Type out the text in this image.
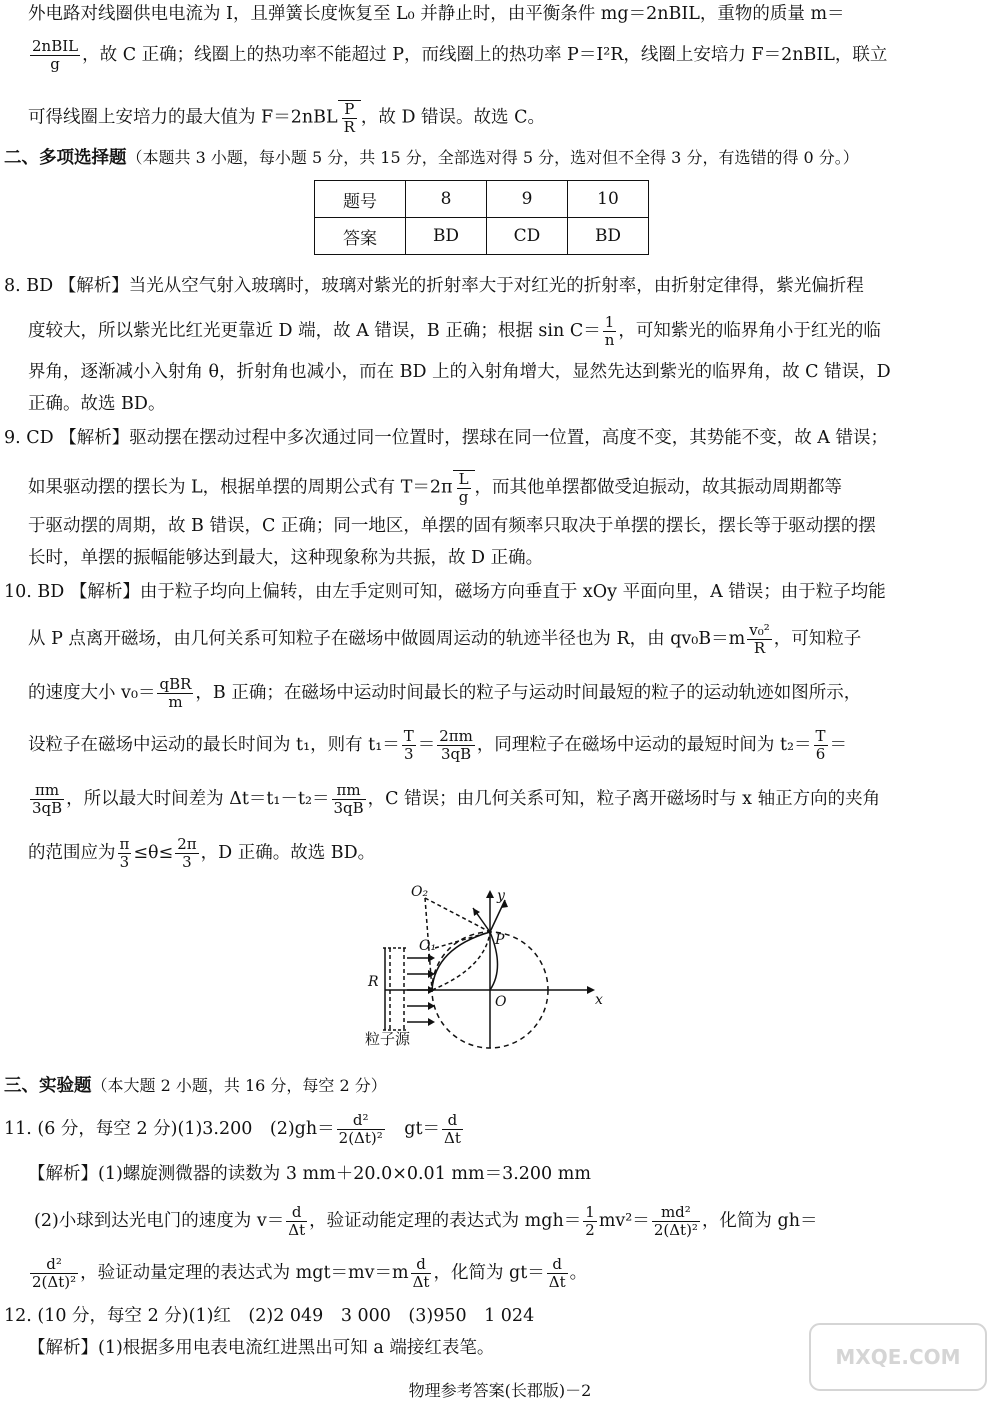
外电路对线圈供电电流为 I，且弹簧长度恢复至 L₀ 并静止时，由平衡条件 mg＝2nBIL，重物的质量 m＝
$\frac{\text{2nBIL}}{g}$ ，故 C 正确；线圈上的热功率不能超过 P，而线圈上的热功率 P＝I²R，线圈上安培力 F＝2nBIL，联立
可得线圈上安培力的最大值为 $F=2nBL \frac{P}{R}$ ，故 D 错误。故选 C。
二、多项选择题（本题共 3 小题，每小题 5 分，共 15 分，全部选对得 5 分，选对但不全得 3 分，有选错的得 0 分。）
题号	8	9	10
答案	BD	CD	BD
8. BD 【解析】当光从空气射入玻璃时，玻璃对紫光的折射率大于对红光的折射率，由折射定律得，紫光偏折程
度较大，所以紫光比红光更靠近 D 端，故 A 错误，B 正确；根据 $\sin C= \frac{1}{n}$ ，可知紫光的临界角小于红光的临
界角，逐渐减小入射角 θ，折射角也减小，而在 BD 上的入射角增大，显然先达到紫光的临界角，故 C 错误，D
正确。故选 BD。
9. CD 【解析】驱动摆在摆动过程中多次通过同一位置时，摆球在同一位置，高度不变，其势能不变，故 A 错误；
如果驱动摆的摆长为 L，根据单摆的周期公式有 $T=2\pi \frac{L}{g}$ ，而其他单摆都做受迫振动，故其振动周期都等
于驱动摆的周期，故 B 错误，C 正确；同一地区，单摆的固有频率只取决于单摆的摆长，摆长等于驱动摆的摆
长时，单摆的振幅能够达到最大，这种现象称为共振，故 D 正确。
10. BD 【解析】由于粒子均向上偏转，由左手定则可知，磁场方向垂直于 xOy 平面向里，A 错误；由于粒子均能
从 P 点离开磁场，由几何关系可知粒子在磁场中做圆周运动的轨迹半径也为 R，由 $qv_0B=m \frac{\text{v₀²}}{R}$ ，可知粒子
的速度大小 $v_0= \frac{\text{qBR}}{m}$ ，B 正确；在磁场中运动时间最长的粒子与运动时间最短的粒子的运动轨迹如图所示，
设粒子在磁场中运动的最长时间为 t₁，则有 $t_1= \frac{T}{3} = \frac{2\pi m}{3qB}$ ，同理粒子在磁场中运动的最短时间为 $t_2= \frac{T}{6}$ ＝
$\frac{\pi m}{3qB}$ ，所以最大时间差为 $\Delta t=t_1-t_2= \frac{\pi m}{3qB}$ ，C 错误；由几何关系可知，粒子离开磁场时与 x 轴正方向的夹角
的范围应为 $\frac{\pi}{3} \le\theta\le \frac{2\pi}{3}$ ，D 正确。故选 BD。
O₂
O₁	P
y
x
O
R
粒子源
三、实验题（本大题 2 小题，共 16 分，每空 2 分）
11. (6 分，每空 2 分)(1)3.200　$(2)gh= \frac{\text{d²}}{\text{2(Δt)²}}$ 　$gt= \frac{d}{\Delta t}$
【解析】(1)螺旋测微器的读数为 3 mm＋20.0×0.01 mm＝3.200 mm
(2)小球到达光电门的速度为 $v= \frac{d}{\Delta t}$ ，验证动能定理的表达式为 $mgh= \frac{1}{2} mv^2= \frac{\text{md²}}{\text{2(Δt)²}}$ ，化简为 gh＝
$\frac{\text{d²}}{\text{2(Δt)²}}$ ，验证动量定理的表达式为 $mgt=mv=m \frac{d}{\Delta t}$ ，化简为 $gt= \frac{d}{\Delta t}$ 。
12. (10 分，每空 2 分)(1)红　(2)2 049　3 000　(3)950　1 024
【解析】(1)根据多用电表电流红进黑出可知 a 端接红表笔。	MXQE.COM
物理参考答案(长郡版)－2
